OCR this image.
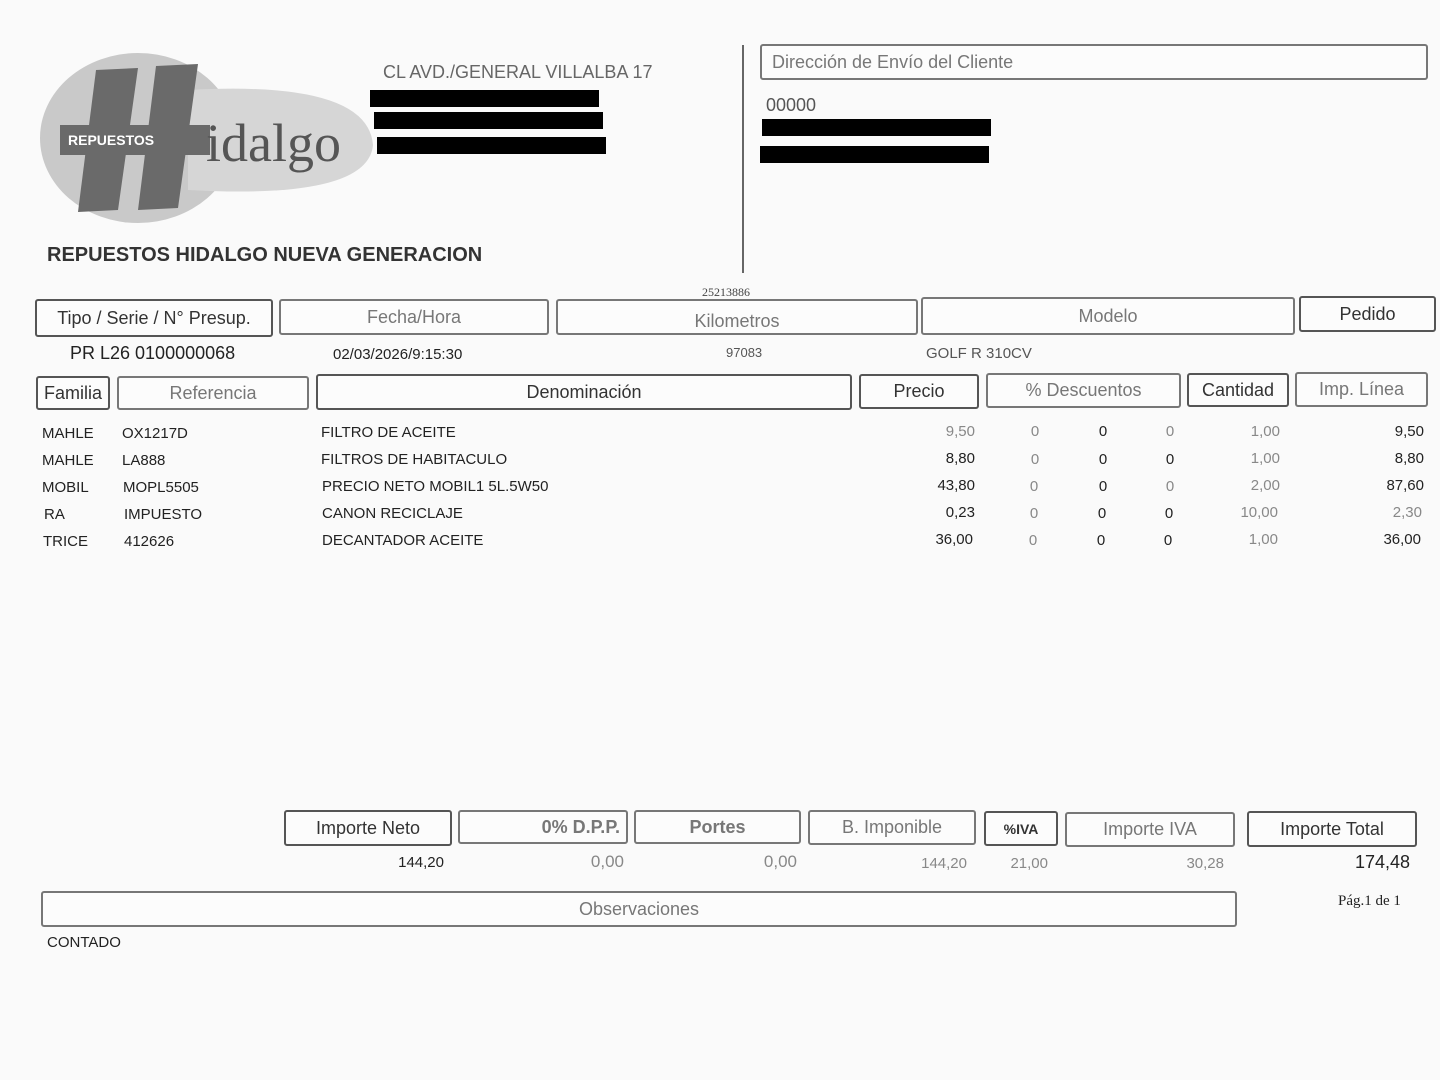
REPUESTOS idalgo
REPUESTOS HIDALGO NUEVA GENERACION
CL AVD./GENERAL VILLALBA 17
Dirección de Envío del Cliente
00000
25213886
Tipo / Serie / N° Presup.	Fecha/Hora	Kilometros	Modelo	Pedido
PR L26 0100000068	02/03/2026/9:15:30	97083	GOLF R 310CV
Familia	Referencia	Denominación	Precio	% Descuentos	Cantidad Imp. Línea
MAHLE OX1217D	FILTRO DE ACEITE	9,50	0	0	0	1,00	9,50
MAHLE LA888	FILTROS DE HABITACULO	8,80	0	0	0	1,00	8,80
MOBIL MOPL5505	PRECIO NETO MOBIL1 5L.5W50	43,80	0	0	0	2,00	87,60
RA	IMPUESTO	CANON RECICLAJE	0,23	0	0	0	10,00	2,30
TRICE 412626	DECANTADOR ACEITE	36,00	0	0	0	1,00	36,00
Importe Neto	0% D.P.P.	Portes	B. Imponible	%IVA	Importe IVA	Importe Total
144,20	0,00	0,00	144,20	21,00	30,28	174,48
Observaciones
CONTADO
Pág.1 de 1
